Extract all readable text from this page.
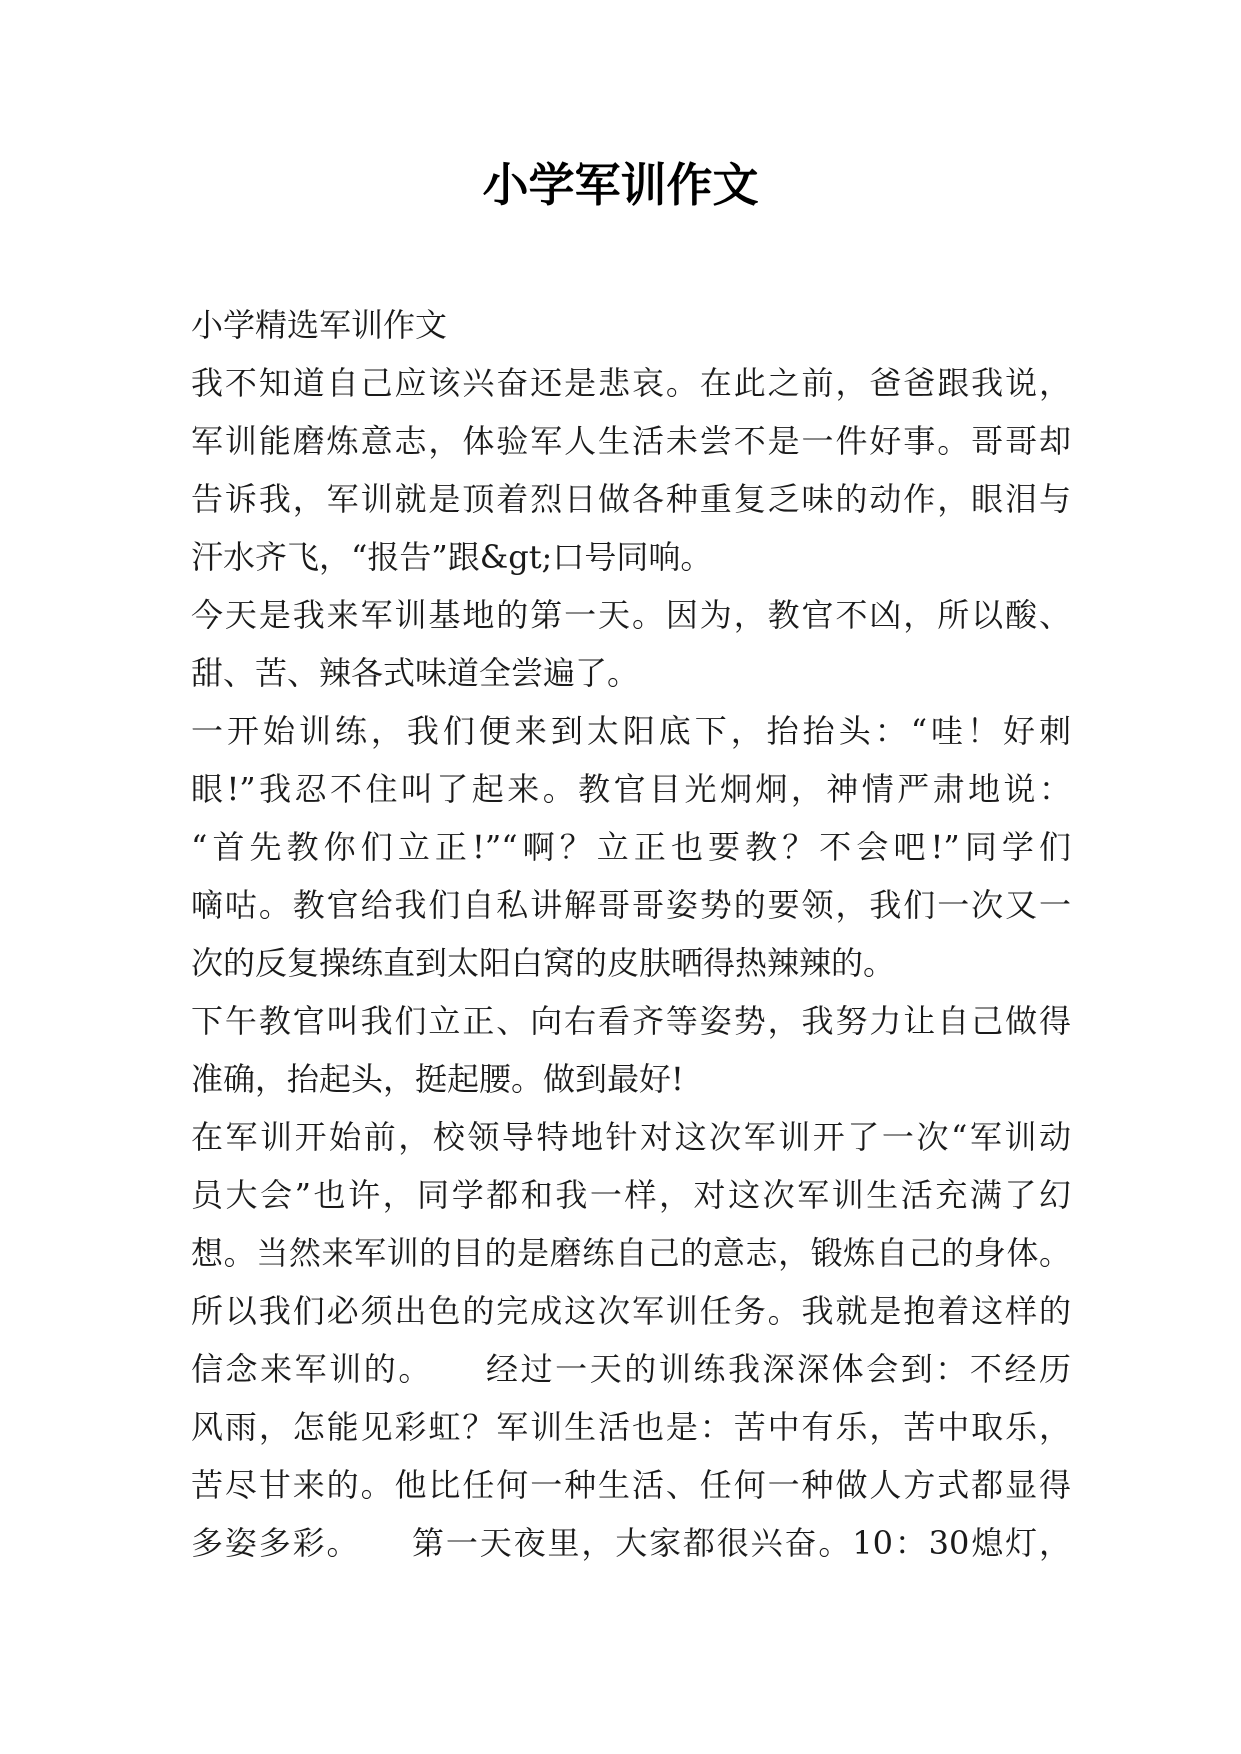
小学军训作文
小学精选军训作文
我不知道自己应该兴奋还是悲哀。在此之前，爸爸跟我说，
军训能磨炼意志，体验军人生活未尝不是一件好事。哥哥却
告诉我，军训就是顶着烈日做各种重复乏味的动作，眼泪与
汗水齐飞，“报告”跟&gt;口号同响。
今天是我来军训基地的第一天。因为，教官不凶，所以酸、
甜、苦、辣各式味道全尝遍了。
一开始训练，我们便来到太阳底下，抬抬头：“哇！好刺
眼!”我忍不住叫了起来。教官目光炯炯，神情严肃地说：
“首先教你们立正!”“啊？立正也要教？不会吧!”同学们
嘀咕。教官给我们自私讲解哥哥姿势的要领，我们一次又一
次的反复操练直到太阳白窝的皮肤晒得热辣辣的。
下午教官叫我们立正、向右看齐等姿势，我努力让自己做得
准确，抬起头，挺起腰。做到最好!
在军训开始前，校领导特地针对这次军训开了一次“军训动
员大会”也许，同学都和我一样，对这次军训生活充满了幻
想。当然来军训的目的是磨练自己的意志，锻炼自己的身体。
所以我们必须出色的完成这次军训任务。我就是抱着这样的
信念来军训的。　　经过一天的训练我深深体会到：不经历
风雨，怎能见彩虹？军训生活也是：苦中有乐，苦中取乐，
苦尽甘来的。他比任何一种生活、任何一种做人方式都显得
多姿多彩。　　第一天夜里，大家都很兴奋。10：30熄灯，
